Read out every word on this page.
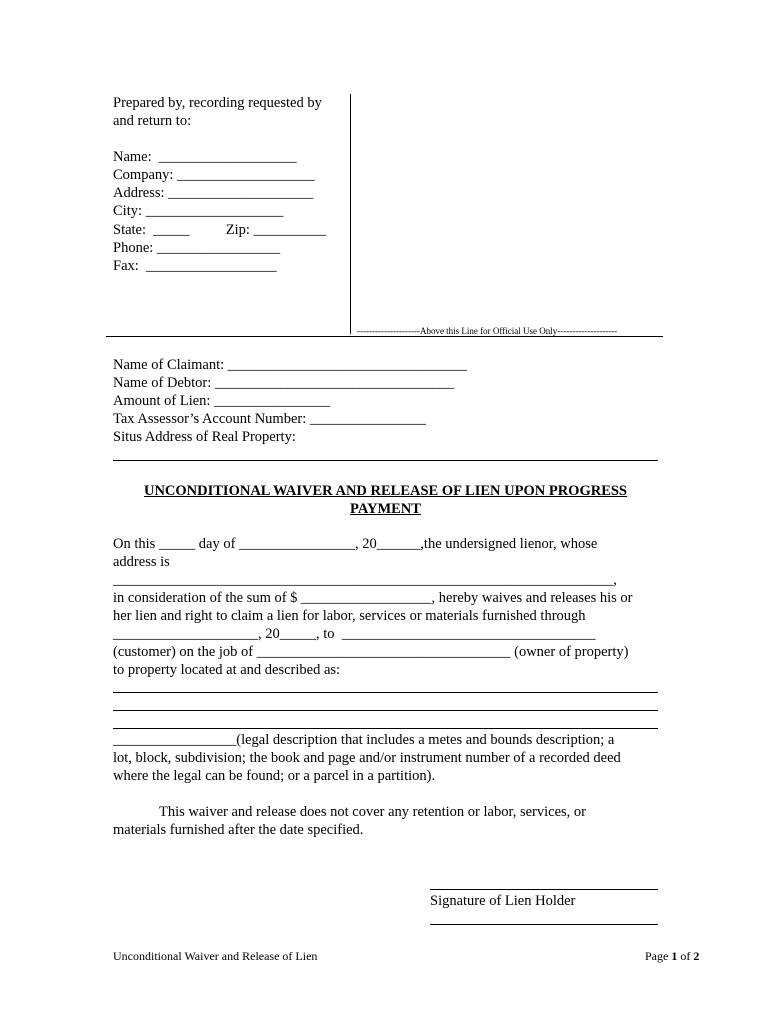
Prepared by, recording requested by
and return to:
Name:  ___________________
Company: ___________________
Address: ____________________
City: ___________________
State:  _____          Zip: __________
Phone: _________________
Fax:  __________________
---------------------Above this Line for Official Use Only--------------------
Name of Claimant: _________________________________
Name of Debtor: _________________________________
Amount of Lien: ________________
Tax Assessor’s Account Number: ________________
Situs Address of Real Property:
UNCONDITIONAL WAIVER AND RELEASE OF LIEN UPON PROGRESS PAYMENT
On this _____ day of ________________, 20______,the undersigned lienor, whose
address is
_____________________________________________________________________,
in consideration of the sum of $ __________________, hereby waives and releases his or
her lien and right to claim a lien for labor, services or materials furnished through
____________________, 20_____, to  ___________________________________
(customer) on the job of ___________________________________ (owner of property)
to property located at and described as:
_________________(legal description that includes a metes and bounds description; a
lot, block, subdivision; the book and page and/or instrument number of a recorded deed
where the legal can be found; or a parcel in a partition).
This waiver and release does not cover any retention or labor, services, or
materials furnished after the date specified.
Signature of Lien Holder
Unconditional Waiver and Release of Lien	Page 1 of 2
